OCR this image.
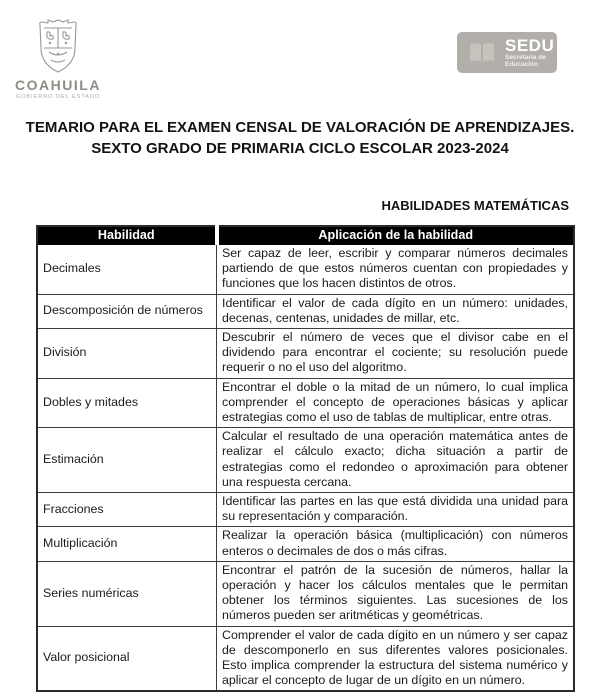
COAHUILA
GOBIERNO DEL ESTADO
SEDU
Secretaría de
Educación
TEMARIO PARA EL EXAMEN CENSAL DE VALORACIÓN DE APRENDIZAJES.
SEXTO GRADO DE PRIMARIA CICLO ESCOLAR 2023-2024
HABILIDADES MATEMÁTICAS
Habilidad	Aplicación de la habilidad
Decimales	Ser capaz de leer, escribir y comparar números decimales partiendo de que estos números cuentan con propiedades y funciones que los hacen distintos de otros.
Descomposición de números	Identificar el valor de cada dígito en un número: unidades, decenas, centenas, unidades de millar, etc.
División	Descubrir el número de veces que el divisor cabe en el dividendo para encontrar el cociente; su resolución puede requerir o no el uso del algoritmo.
Dobles y mitades	Encontrar el doble o la mitad de un número, lo cual implica comprender el concepto de operaciones básicas y aplicar estrategias como el uso de tablas de multiplicar, entre otras.
Estimación	Calcular el resultado de una operación matemática antes de realizar el cálculo exacto; dicha situación a partir de estrategias como el redondeo o aproximación para obtener una respuesta cercana.
Fracciones	Identificar las partes en las que está dividida una unidad para su representación y comparación.
Multiplicación	Realizar la operación básica (multiplicación) con números enteros o decimales de dos o más cifras.
Series numéricas	Encontrar el patrón de la sucesión de números, hallar la operación y hacer los cálculos mentales que le permitan obtener los términos siguientes. Las sucesiones de los números pueden ser aritméticas y geométricas.
Valor posicional	Comprender el valor de cada dígito en un número y ser capaz de descomponerlo en sus diferentes valores posicionales. Esto implica comprender la estructura del sistema numérico y aplicar el concepto de lugar de un dígito en un número.
